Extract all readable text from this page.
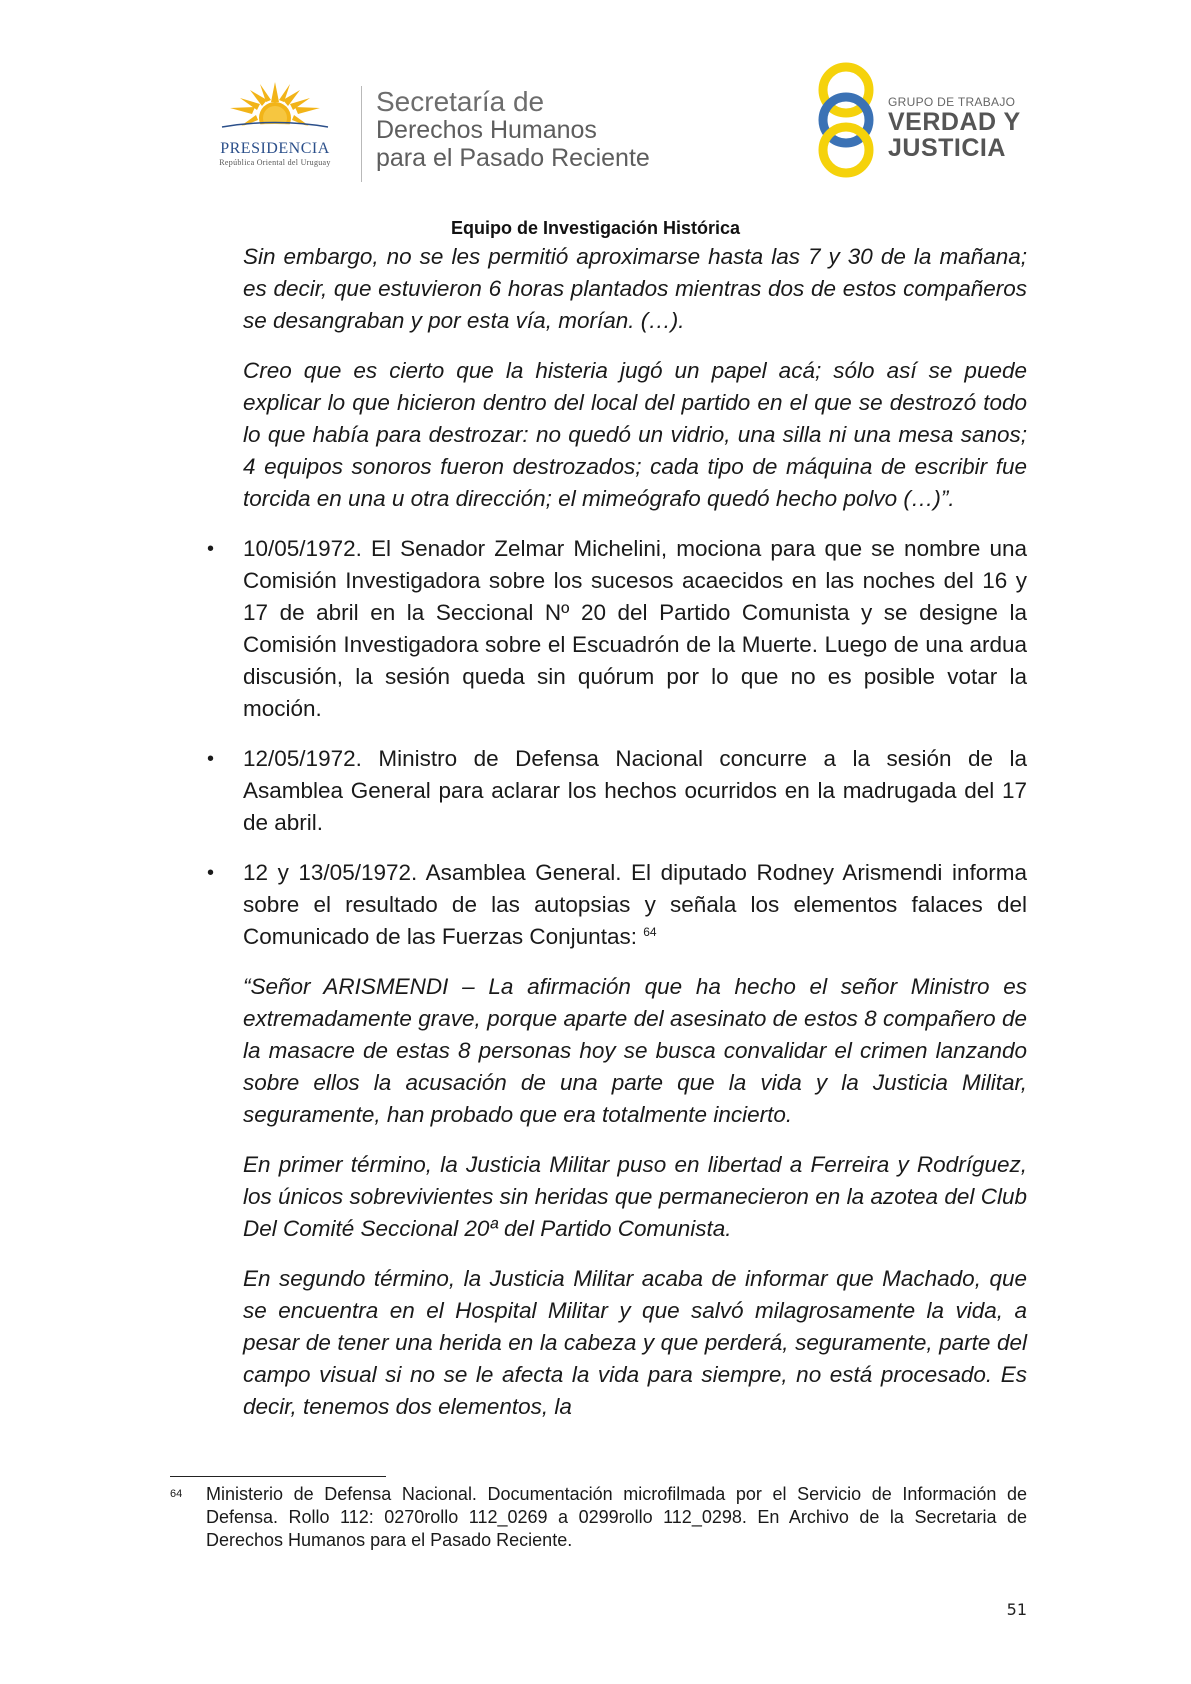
PRESIDENCIA
República Oriental del Uruguay
Secretaría de
Derechos Humanos
para el Pasado Reciente
GRUPO DE TRABAJO
VERDAD Y
JUSTICIA
Equipo de Investigación Histórica

Sin embargo, no se les permitió aproximarse hasta las 7 y 30 de la mañana; es decir, que estuvieron 6 horas plantados mientras dos de estos compañeros se desangraban y por esta vía, morían. (…).

Creo que es cierto que la histeria jugó un papel acá; sólo así se puede explicar lo que hicieron dentro del local del partido en el que se destrozó todo lo que había para destrozar: no quedó un vidrio, una silla ni una mesa sanos; 4 equipos sonoros fueron destrozados; cada tipo de máquina de escribir fue torcida en una u otra dirección; el mimeógrafo quedó hecho polvo (…)”.

• 10/05/1972. El Senador Zelmar Michelini, mociona para que se nombre una Comisión Investigadora sobre los sucesos acaecidos en las noches del 16 y 17 de abril en la Seccional Nº 20 del Partido Comunista y se designe la Comisión Investigadora sobre el Escuadrón de la Muerte. Luego de una ardua discusión, la sesión queda sin quórum por lo que no es posible votar la moción.

• 12/05/1972. Ministro de Defensa Nacional concurre a la sesión de la Asamblea General para aclarar los hechos ocurridos en la madrugada del 17 de abril.

• 12 y 13/05/1972. Asamblea General. El diputado Rodney Arismendi informa sobre el resultado de las autopsias y señala los elementos falaces del Comunicado de las Fuerzas Conjuntas: $^{64}$

“Señor ARISMENDI – La afirmación que ha hecho el señor Ministro es extremadamente grave, porque aparte del asesinato de estos 8 compañero de la masacre de estas 8 personas hoy se busca convalidar el crimen lanzando sobre ellos la acusación de una parte que la vida y la Justicia Militar, seguramente, han probado que era totalmente incierto.

En primer término, la Justicia Militar puso en libertad a Ferreira y Rodríguez, los únicos sobrevivientes sin heridas que permanecieron en la azotea del Club Del Comité Seccional 20ª del Partido Comunista.

En segundo término, la Justicia Militar acaba de informar que Machado, que se encuentra en el Hospital Militar y que salvó milagrosamente la vida, a pesar de tener una herida en la cabeza y que perderá, seguramente, parte del campo visual si no se le afecta la vida para siempre, no está procesado. Es decir, tenemos dos elementos, la

64 Ministerio de Defensa Nacional. Documentación microfilmada por el Servicio de Información de Defensa. Rollo 112: 0270rollo 112_0269 a 0299rollo 112_0298. En Archivo de la Secretaria de Derechos Humanos para el Pasado Reciente.
51
